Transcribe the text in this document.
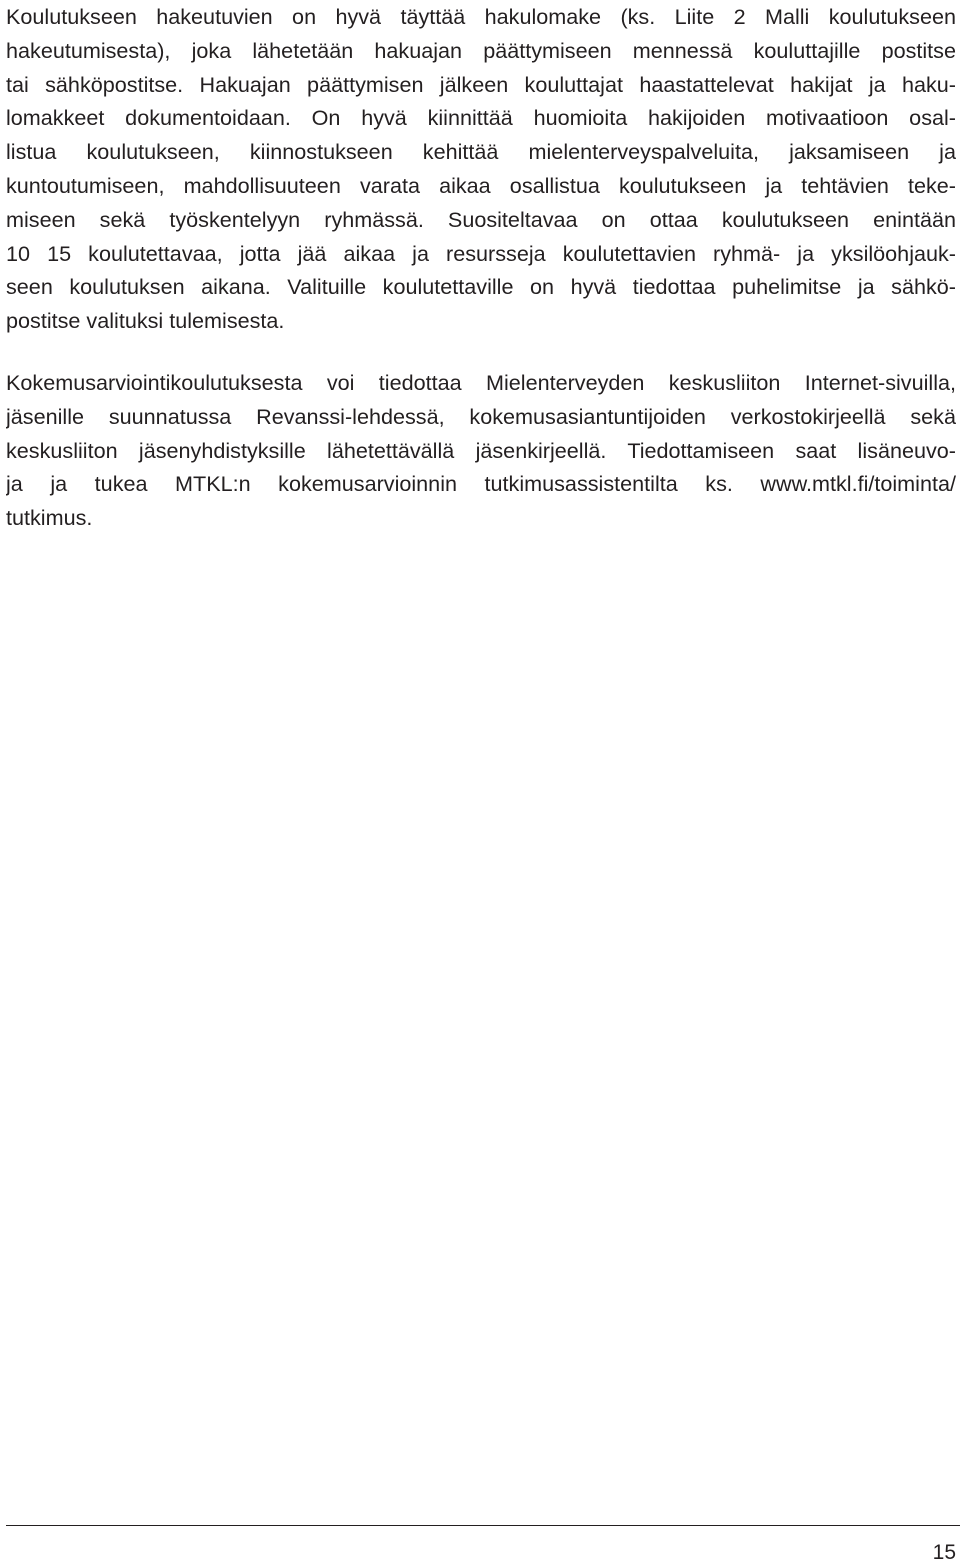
Koulutukseen hakeutuvien on hyvä täyttää hakulomake (ks. Liite 2 Malli koulutukseen
hakeutumisesta), joka lähetetään hakuajan päättymiseen mennessä kouluttajille postitse
tai sähköpostitse. Hakuajan päättymisen jälkeen kouluttajat haastattelevat hakijat ja haku-
lomakkeet dokumentoidaan. On hyvä kiinnittää huomioita hakijoiden motivaatioon osal-
listua koulutukseen, kiinnostukseen kehittää mielenterveyspalveluita, jaksamiseen ja
kuntoutumiseen, mahdollisuuteen varata aikaa osallistua koulutukseen ja tehtävien teke-
miseen sekä työskentelyyn ryhmässä. Suositeltavaa on ottaa koulutukseen enintään
10 15 koulutettavaa, jotta jää aikaa ja resursseja koulutettavien ryhmä- ja yksilöohjauk-
seen koulutuksen aikana. Valituille koulutettaville on hyvä tiedottaa puhelimitse ja sähkö-
postitse valituksi tulemisesta.
Kokemusarviointikoulutuksesta voi tiedottaa Mielenterveyden keskusliiton Internet-sivuilla,
jäsenille suunnatussa Revanssi-lehdessä, kokemusasiantuntijoiden verkostokirjeellä sekä
keskusliiton jäsenyhdistyksille lähetettävällä jäsenkirjeellä. Tiedottamiseen saat lisäneuvo-
ja ja tukea MTKL:n kokemusarvioinnin tutkimusassistentilta ks. www.mtkl.fi/toiminta/
tutkimus.
15
